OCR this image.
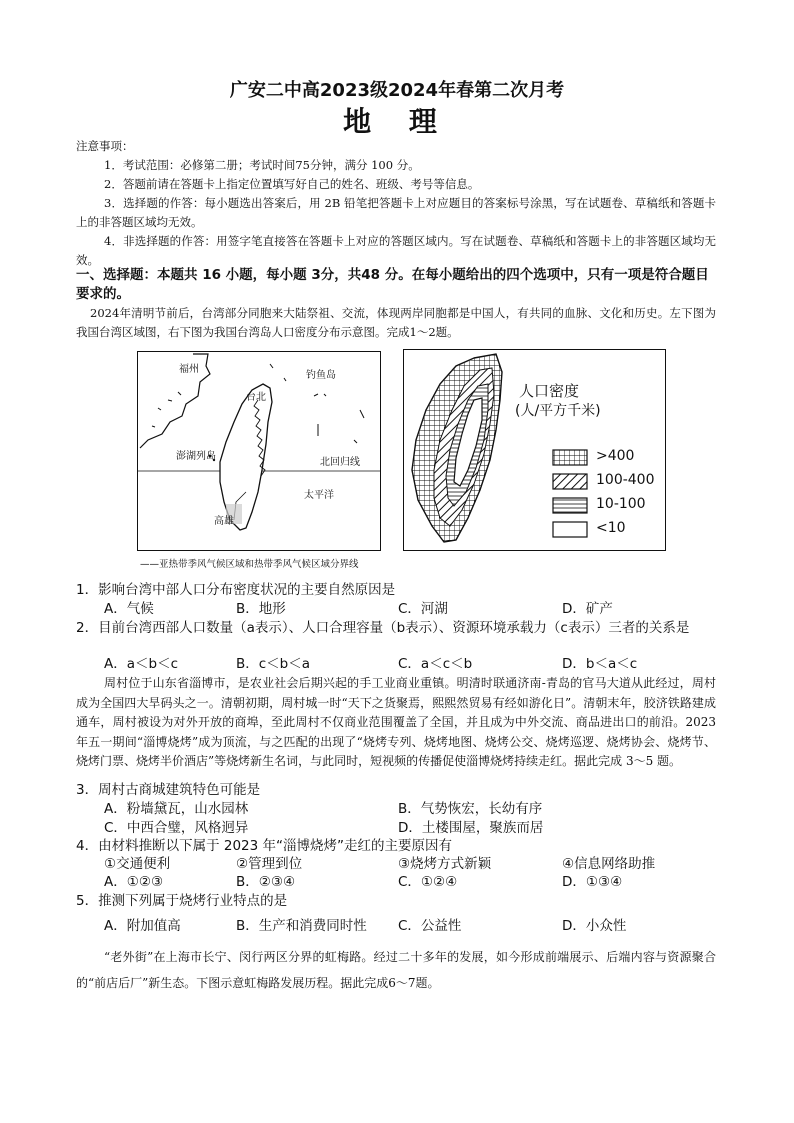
广安二中高2023级2024年春第二次月考
地 理
注意事项：
1．考试范围：必修第二册；考试时间75分钟，满分 100 分。
2．答题前请在答题卡上指定位置填写好自己的姓名、班级、考号等信息。
3．选择题的作答：每小题选出答案后，用 2B 铅笔把答题卡上对应题目的答案标号涂黑，写在试题卷、草稿纸和答题卡上的非答题区域均无效。
4．非选择题的作答：用签字笔直接答在答题卡上对应的答题区域内。写在试题卷、草稿纸和答题卡上的非答题区域均无效。
一、选择题：本题共 16 小题，每小题 3分，共48 分。在每小题给出的四个选项中，只有一项是符合题目要求的。
2024年清明节前后，台湾部分同胞来大陆祭祖、交流，体现两岸同胞都是中国人，有共同的血脉、文化和历史。左下图为我国台湾区域图，右下图为我国台湾岛人口密度分布示意图。完成1～2题。
福州
钓鱼岛
台北
澎湖列岛
北回归线
太平洋
高雄
——亚热带季风气候区域和热带季风气候区域分界线
人口密度
(人/平方千米)
>400
100-400
10-100
<10
1．影响台湾中部人口分布密度状况的主要自然原因是
A．气候	B．地形	C．河湖	D．矿产
2．目前台湾西部人口数量（a表示）、人口合理容量（b表示）、资源环境承载力（c表示）三者的关系是
A．a＜b＜c	B．c＜b＜a	C．a＜c＜b	D．b＜a＜c
周村位于山东省淄博市，是农业社会后期兴起的手工业商业重镇。明清时联通济南-青岛的官马大道从此经过，周村成为全国四大旱码头之一。清朝初期，周村城一时“天下之货聚焉，熙熙然贸易有经如游化日”。清朝末年，胶济铁路建成通车，周村被设为对外开放的商埠，至此周村不仅商业范围覆盖了全国，并且成为中外交流、商品进出口的前沿。2023年五一期间“淄博烧烤”成为顶流，与之匹配的出现了“烧烤专列、烧烤地图、烧烤公交、烧烤巡逻、烧烤协会、烧烤节、烧烤门票、烧烤半价酒店”等烧烤新生名词，与此同时，短视频的传播促使淄博烧烤持续走红。据此完成 3～5 题。
3．周村古商城建筑特色可能是
A．粉墙黛瓦，山水园林	B．气势恢宏，长幼有序
C．中西合璧，风格迥异	D．土楼围屋，聚族而居
4．由材料推断以下属于 2023 年“淄博烧烤”走红的主要原因有
①交通便利	②管理到位	③烧烤方式新颖	④信息网络助推
A．①②③	B．②③④	C．①②④	D．①③④
5．推测下列属于烧烤行业特点的是
A．附加值高	B．生产和消费同时性 C．公益性	D．小众性
“老外街”在上海市长宁、闵行两区分界的虹梅路。经过二十多年的发展，如今形成前端展示、后端内容与资源聚合的“前店后厂”新生态。下图示意虹梅路发展历程。据此完成6～7题。
